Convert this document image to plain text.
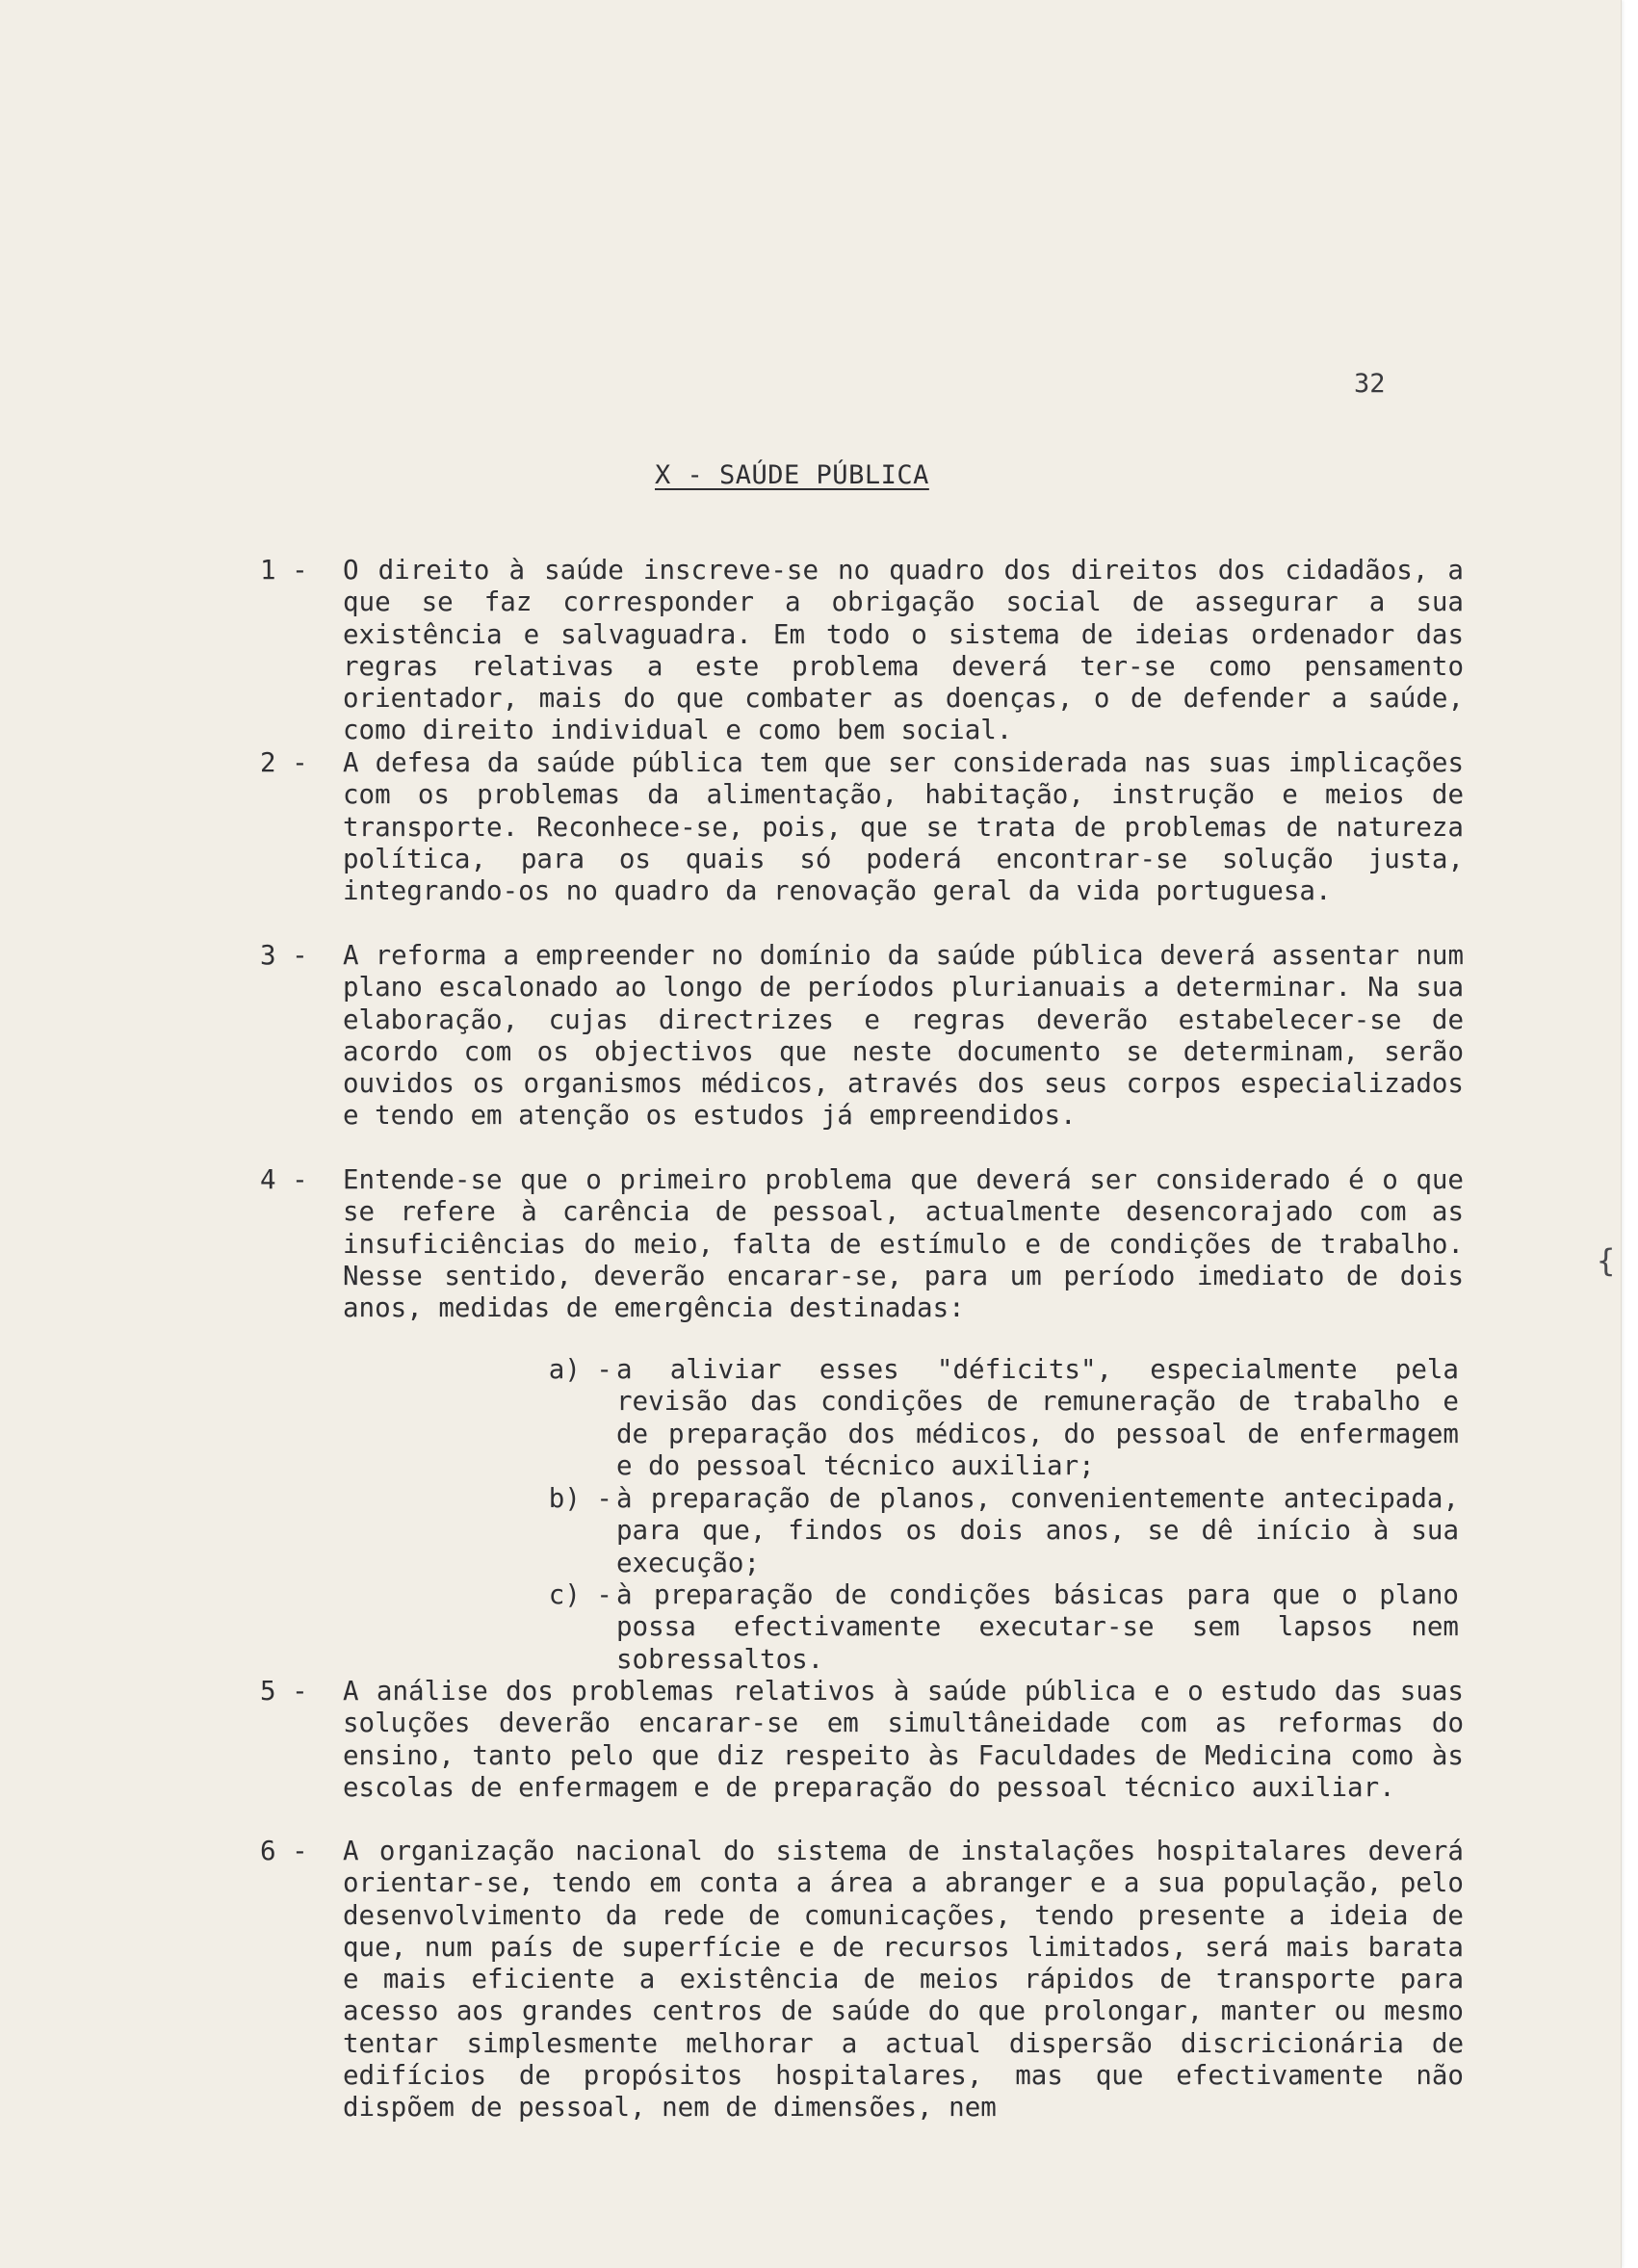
32
X - SAÚDE PÚBLICA
1 -	O direito à saúde inscreve-se no quadro dos direitos dos cidadãos, a que se faz corresponder a obrigação social de assegurar a sua existência e salvaguadra. Em todo o sistema de ideias ordenador das regras relativas a este problema deverá ter-se como pensamento orientador, mais do que combater as doenças, o de defender a saúde, como direito individual e como bem social.
2 -	A defesa da saúde pública tem que ser considerada nas suas implicações com os problemas da alimentação, habitação, instrução e meios de transporte. Reconhece-se, pois, que se trata de problemas de natureza política, para os quais só poderá encontrar-se solução justa, integrando-os no quadro da renovação geral da vida portuguesa.
3 -	A reforma a empreender no domínio da saúde pública deverá assentar num plano escalonado ao longo de períodos plurianuais a determinar. Na sua elaboração, cujas directrizes e regras deverão estabelecer-se de acordo com os objectivos que neste documento se determinam, serão ouvidos os organismos médicos, através dos seus corpos especializados e tendo em atenção os estudos já empreendidos.
4 -	Entende-se que o primeiro problema que deverá ser considerado é o que se refere à carência de pessoal, actualmente desencorajado com as insuficiências do meio, falta de estímulo e de condições de trabalho. Nesse sentido, deverão encarar-se, para um período imediato de dois anos, medidas de emergência destinadas:
a) - a aliviar esses "déficits", especialmente pela revisão das condições de remuneração de trabalho e de preparação dos médicos, do pessoal de enfermagem e do pessoal técnico auxiliar;
b) - à preparação de planos, convenientemente antecipada, para que, findos os dois anos, se dê início à sua execução;
c) - à preparação de condições básicas para que o plano possa efectivamente executar-se sem lapsos nem sobressaltos.
5 -	A análise dos problemas relativos à saúde pública e o estudo das suas soluções deverão encarar-se em simultâneidade com as reformas do ensino, tanto pelo que diz respeito às Faculdades de Medicina como às escolas de enfermagem e de preparação do pessoal técnico auxiliar.
6 -	A organização nacional do sistema de instalações hospitalares deverá orientar-se, tendo em conta a área a abranger e a sua população, pelo desenvolvimento da rede de comunicações, tendo presente a ideia de que, num país de superfície e de recursos limitados, será mais barata e mais eficiente a existência de meios rápidos de transporte para acesso aos grandes centros de saúde do que prolongar, manter ou mesmo tentar simplesmente melhorar a actual dispersão discricionária de edifícios de propósitos hospitalares, mas que efectivamente não dispõem de pessoal, nem de dimensões, nem
{
